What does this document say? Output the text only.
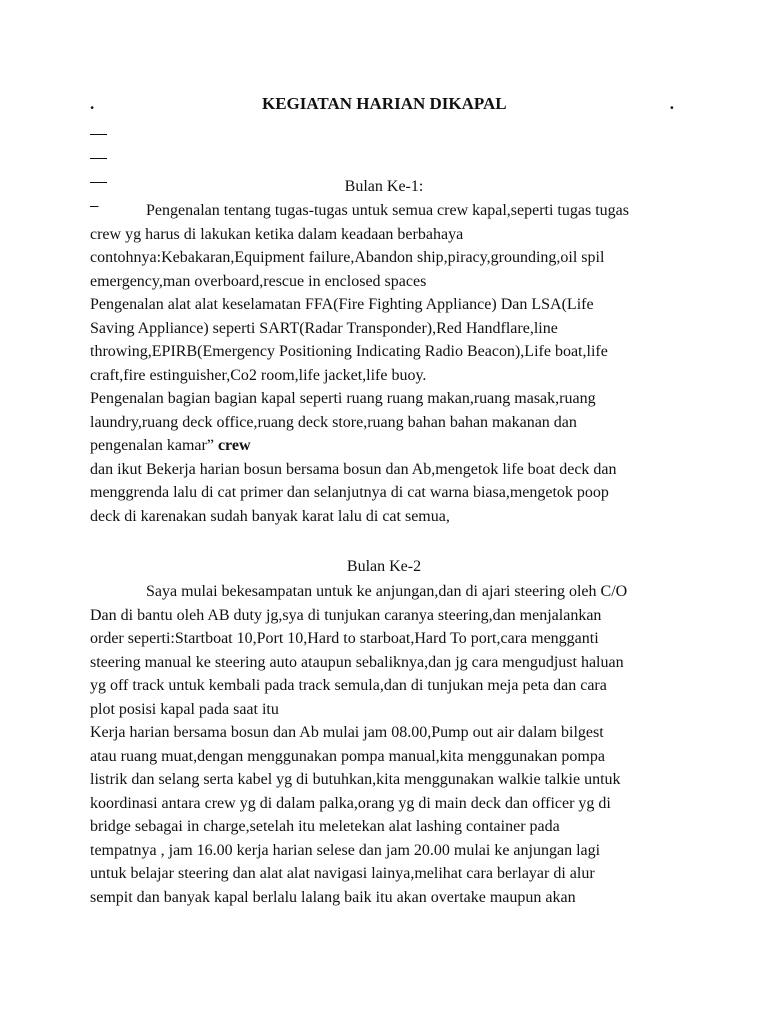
.

	KEGIATAN HARIAN DIKAPAL

	.

Bulan Ke-1:
Pengenalan tentang tugas-tugas untuk semua crew kapal,seperti tugas tugas
crew yg harus di lakukan ketika dalam keadaan berbahaya
contohnya:Kebakaran,Equipment failure,Abandon ship,piracy,grounding,oil spil
emergency,man overboard,rescue in enclosed spaces
Pengenalan alat alat keselamatan FFA(Fire Fighting Appliance) Dan LSA(Life
Saving Appliance) seperti SART(Radar Transponder),Red Handflare,line
throwing,EPIRB(Emergency Positioning Indicating Radio Beacon),Life boat,life
craft,fire estinguisher,Co2 room,life jacket,life buoy.
Pengenalan bagian bagian kapal seperti ruang ruang makan,ruang masak,ruang
laundry,ruang deck office,ruang deck store,ruang bahan bahan makanan dan
pengenalan kamar” crew
dan ikut Bekerja harian bosun bersama bosun dan Ab,mengetok life boat deck dan
menggrenda lalu di cat primer dan selanjutnya di cat warna biasa,mengetok poop
deck di karenakan sudah banyak karat lalu di cat semua,
Bulan Ke-2
Saya mulai bekesampatan untuk ke anjungan,dan di ajari steering oleh C/O
Dan di bantu oleh AB duty jg,sya di tunjukan caranya steering,dan menjalankan
order seperti:Startboat 10,Port 10,Hard to starboat,Hard To port,cara mengganti
steering manual ke steering auto ataupun sebaliknya,dan jg cara mengudjust haluan
yg off track untuk kembali pada track semula,dan di tunjukan meja peta dan cara
plot posisi kapal pada saat itu
Kerja harian bersama bosun dan Ab mulai jam 08.00,Pump out air dalam bilgest
atau ruang muat,dengan menggunakan pompa manual,kita menggunakan pompa
listrik dan selang serta kabel yg di butuhkan,kita menggunakan walkie talkie untuk
koordinasi antara crew yg di dalam palka,orang yg di main deck dan officer yg di
bridge sebagai in charge,setelah itu meletekan alat lashing container pada
tempatnya , jam 16.00 kerja harian selese dan jam 20.00 mulai ke anjungan lagi
untuk belajar steering dan alat alat navigasi lainya,melihat cara berlayar di alur
sempit dan banyak kapal berlalu lalang baik itu akan overtake maupun akan
